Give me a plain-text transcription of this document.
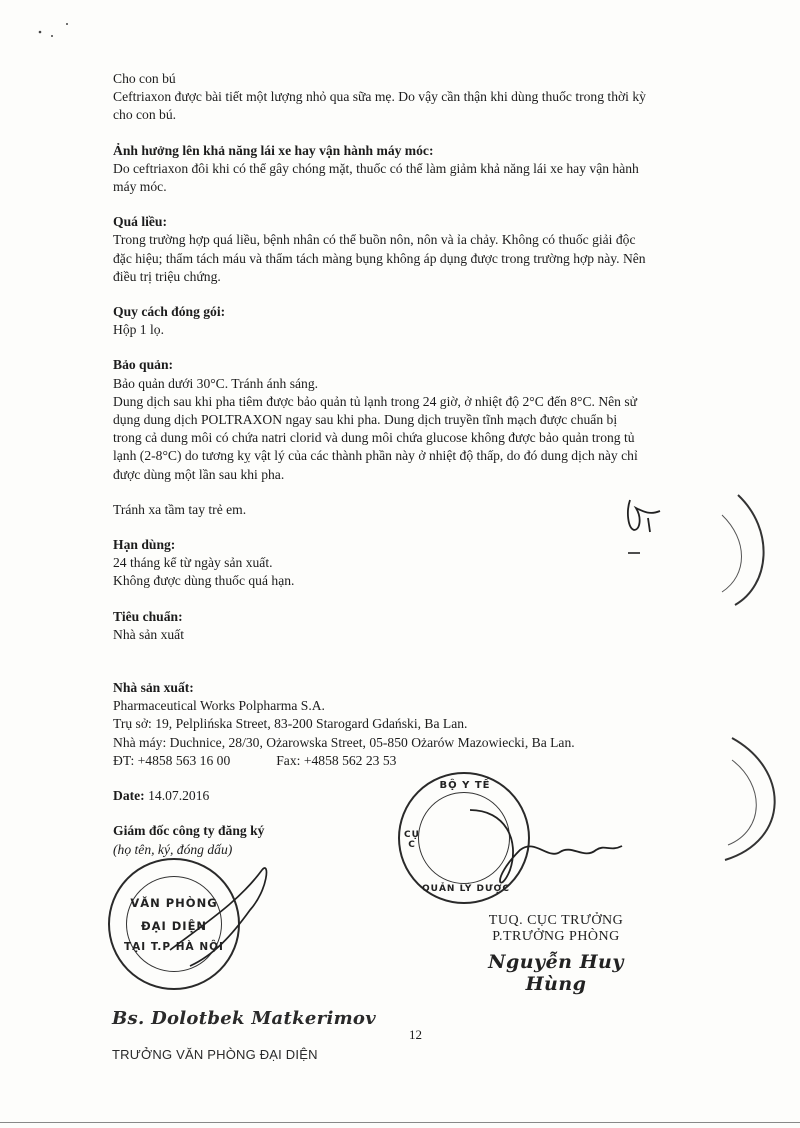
Cho con bú

Ceftriaxon được bài tiết một lượng nhỏ qua sữa mẹ. Do vậy cần thận khi dùng thuốc trong thời kỳ

cho con bú.

Ảnh hưởng lên khả năng lái xe hay vận hành máy móc:

Do ceftriaxon đôi khi có thể gây chóng mặt, thuốc có thể làm giảm khả năng lái xe hay vận hành

máy móc.

Quá liều:

Trong trường hợp quá liều, bệnh nhân có thể buồn nôn, nôn và ỉa chảy. Không có thuốc giải độc

đặc hiệu; thẩm tách máu và thẩm tách màng bụng không áp dụng được trong trường hợp này. Nên

điều trị triệu chứng.

Quy cách đóng gói:

Hộp 1 lọ.

Bảo quản:

Bảo quản dưới 30°C. Tránh ánh sáng.

Dung dịch sau khi pha tiêm được bảo quản tủ lạnh trong 24 giờ, ở nhiệt độ 2°C đến 8°C. Nên sử

dụng dung dịch POLTRAXON ngay sau khi pha. Dung dịch truyền tĩnh mạch được chuẩn bị

trong cả dung môi có chứa natri clorid và dung môi chứa glucose không được bảo quản trong tủ

lạnh (2-8°C) do tương kỵ vật lý của các thành phần này ở nhiệt độ thấp, do đó dung dịch này chỉ

được dùng một lần sau khi pha.

Tránh xa tầm tay trẻ em.

Hạn dùng:

24 tháng kể từ ngày sản xuất.

Không được dùng thuốc quá hạn.

Tiêu chuẩn:

Nhà sản xuất

Nhà sản xuất:

Pharmaceutical Works Polpharma S.A.

Trụ sở: 19, Pelplińska Street, 83-200 Starogard Gdański, Ba Lan.

Nhà máy: Duchnice, 28/30, Ożarowska Street, 05-850 Ożarów Mazowiecki, Ba Lan.

ĐT: +4858 563 16 00	Fax: +4858 562 23 53

Date: 14.07.2016

Giám đốc công ty đăng ký

(họ tên, ký, đóng dấu)

VĂN PHÒNG
ĐẠI DIỆN
TẠI T.P HÀ NỘI
BỘ Y TẾ
CỤC
QUẢN LÝ DƯỢC
TUQ. CỤC TRƯỞNG
P.TRƯỞNG PHÒNG
Nguyễn Huy Hùng
12
Bs. Dolotbek Matkerimov
TRƯỞNG VĂN PHÒNG ĐẠI DIỆN
